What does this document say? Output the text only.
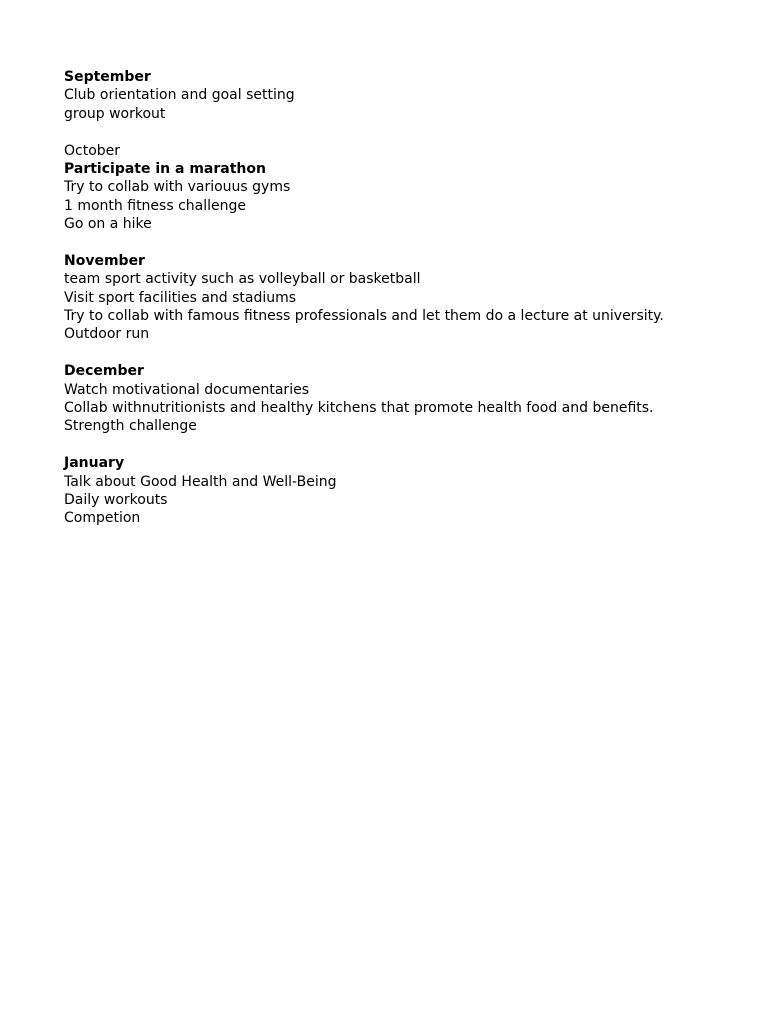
September
Club orientation and goal setting
group workout
October
Participate in a marathon
Try to collab with variouus gyms
1 month fitness challenge
Go on a hike
November
team sport activity such as volleyball or basketball
Visit sport facilities and stadiums
Try to collab with famous fitness professionals and let them do a lecture at university.
Outdoor run
December
Watch motivational documentaries
Collab withnutritionists and healthy kitchens that promote health food and benefits.
Strength challenge
January
Talk about Good Health and Well-Being
Daily workouts
Competion
